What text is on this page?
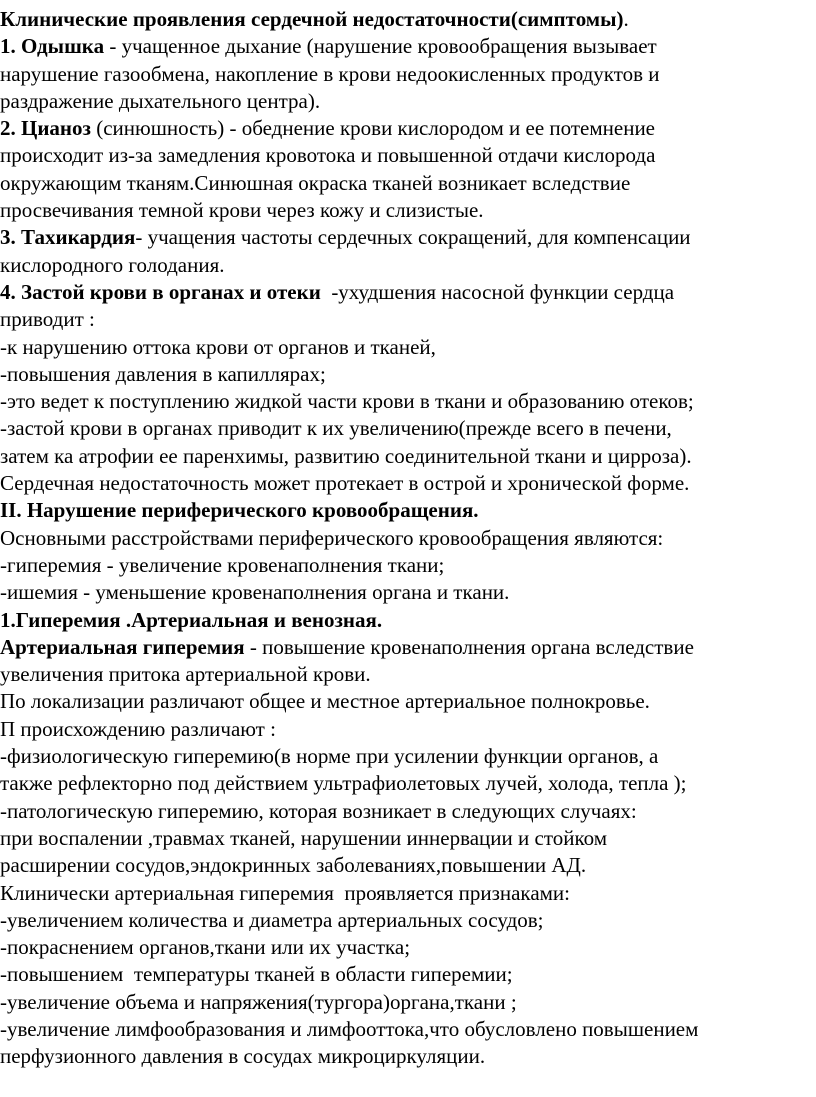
Клинические проявления сердечной недостаточности(симптомы).
1. Одышка - учащенное дыхание (нарушение кровообращения вызывает
нарушение газообмена, накопление в крови недоокисленных продуктов и
раздражение дыхательного центра).
2. Цианоз (синюшность) - обеднение крови кислородом и ее потемнение
происходит из-за замедления кровотока и повышенной отдачи кислорода
окружающим тканям.Синюшная окраска тканей возникает вследствие
просвечивания темной крови через кожу и слизистые.
3. Тахикардия- учащения частоты сердечных сокращений, для компенсации
кислородного голодания.
4. Застой крови в органах и отеки  -ухудшения насосной функции сердца
приводит :
-к нарушению оттока крови от органов и тканей,
-повышения давления в капиллярах;
-это ведет к поступлению жидкой части крови в ткани и образованию отеков;
-застой крови в органах приводит к их увеличению(прежде всего в печени,
затем ка атрофии ее паренхимы, развитию соединительной ткани и цирроза).
Сердечная недостаточность может протекает в острой и хронической форме.
II. Нарушение периферического кровообращения.
Основными расстройствами периферического кровообращения являются:
-гиперемия - увеличение кровенаполнения ткани;
-ишемия - уменьшение кровенаполнения органа и ткани.
1.Гиперемия .Артериальная и венозная.
Артериальная гиперемия - повышение кровенаполнения органа вследствие
увеличения притока артериальной крови.
По локализации различают общее и местное артериальное полнокровье.
П происхождению различают :
-физиологическую гиперемию(в норме при усилении функции органов, а
также рефлекторно под действием ультрафиолетовых лучей, холода, тепла );
-патологическую гиперемию, которая возникает в следующих случаях:
при воспалении ,травмах тканей, нарушении иннервации и стойком
расширении сосудов,эндокринных заболеваниях,повышении АД.
Клинически артериальная гиперемия  проявляется признаками:
-увеличением количества и диаметра артериальных сосудов;
-покраснением органов,ткани или их участка;
-повышением  температуры тканей в области гиперемии;
-увеличение объема и напряжения(тургора)органа,ткани ;
-увеличение лимфообразования и лимфооттока,что обусловлено повышением
перфузионного давления в сосудах микроциркуляции.
